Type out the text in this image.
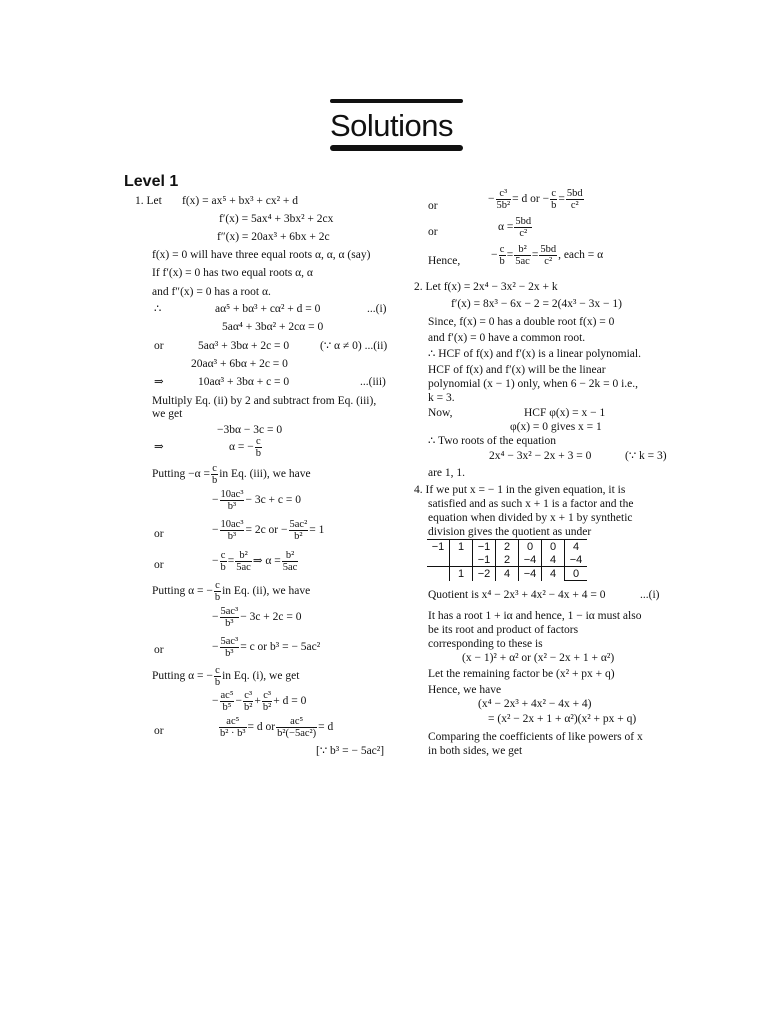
Solutions
Level 1
1. Let f(x) = ax⁵ + bx³ + cx² + d
f′(x) = 5ax⁴ + 3bx² + 2cx
f″(x) = 20ax³ + 6bx + 2c
f(x) = 0 will have three equal roots α, α, α (say)
If f′(x) = 0 has two equal roots α, α
and f″(x) = 0 has a root α.
∴	aα⁵ + bα³ + cα² + d = 0	...(i)
5aα⁴ + 3bα² + 2cα = 0
or	5aα³ + 3bα + 2c = 0	(∵ α ≠ 0) ...(ii)
20aα³ + 6bα + 2c = 0
⇒	10aα³ + 3bα + c = 0	...(iii)
Multiply Eq. (ii) by 2 and subtract from Eq. (iii),
we get
−3bα − 3c = 0
⇒	α = − $\frac{c}{b}$
Putting $-\alpha = \frac{c}{b}$ in Eq. (iii), we have
− $\frac{\text{10ac³}}{\text{b³}} - 3c + c = 0$
or	− $\frac{\text{10ac³}}{\text{b³}} = 2c$ or − $\frac{\text{5ac²}}{\text{b²}} = 1$
or	− $\frac{c}{b} = \frac{\text{b²}}{5ac}$ ⇒ $\alpha = \frac{\text{b²}}{5ac}$
Putting α = − $\frac{c}{b}$ in Eq. (ii), we have
− $\frac{\text{5ac³}}{\text{b³}} - 3c + 2c = 0$
or	− $\frac{\text{5ac³}}{\text{b³}} = c$ or b³ = − 5ac²
Putting α = − $\frac{c}{b}$ in Eq. (i), we get
− $\frac{\text{ac⁵}}{\text{b⁵}} - \frac{\text{c³}}{\text{b²}} + \frac{\text{c³}}{\text{b²}} + d = 0$
or	$\frac{\text{ac⁵}}{\text{b² · b³}} = d$ or $\frac{\text{ac⁵}}{\text{b²(−5ac²)}} = d$
[∵ b³ = − 5ac²]
or
− $\frac{\text{c³}}{\text{5b²}} = d$ or − $\frac{c}{b} = \frac{5bd}{\text{c²}}$
or	$\alpha = \frac{5bd}{\text{c²}}$
Hence,	− $\frac{c}{b} = \frac{\text{b²}}{5ac} = \frac{5bd}{\text{c²}}$ , each = α
2. Let f(x) = 2x⁴ − 3x² − 2x + k
f′(x) = 8x³ − 6x − 2 = 2(4x³ − 3x − 1)
Since, f(x) = 0 has a double root f(x) = 0
and f′(x) = 0 have a common root.
∴ HCF of f(x) and f′(x) is a linear polynomial.
HCF of f(x) and f′(x) will be the linear
polynomial (x − 1) only, when 6 − 2k = 0 i.e.,
k = 3.
Now,	HCF φ(x) = x − 1
φ(x) = 0 gives x = 1
∴ Two roots of the equation
2x⁴ − 3x² − 2x + 3 = 0	(∵ k = 3)
are 1, 1.
4. If we put x = − 1 in the given equation, it is
satisfied and as such x + 1 is a factor and the
equation when divided by x + 1 by synthetic
division gives the quotient as under
−1	1	−1	2	0	0	4
		−1	2	−4	4	−4
	1	−2	4	−4	4	0
Quotient is x⁴ − 2x³ + 4x² − 4x + 4 = 0	...(i)
It has a root 1 + iα and hence, 1 − iα must also
be its root and product of factors
corresponding to these is
(x − 1)² + α² or (x² − 2x + 1 + α²)
Let the remaining factor be (x² + px + q)
Hence, we have
(x⁴ − 2x³ + 4x² − 4x + 4)
= (x² − 2x + 1 + α²)(x² + px + q)
Comparing the coefficients of like powers of x
in both sides, we get
